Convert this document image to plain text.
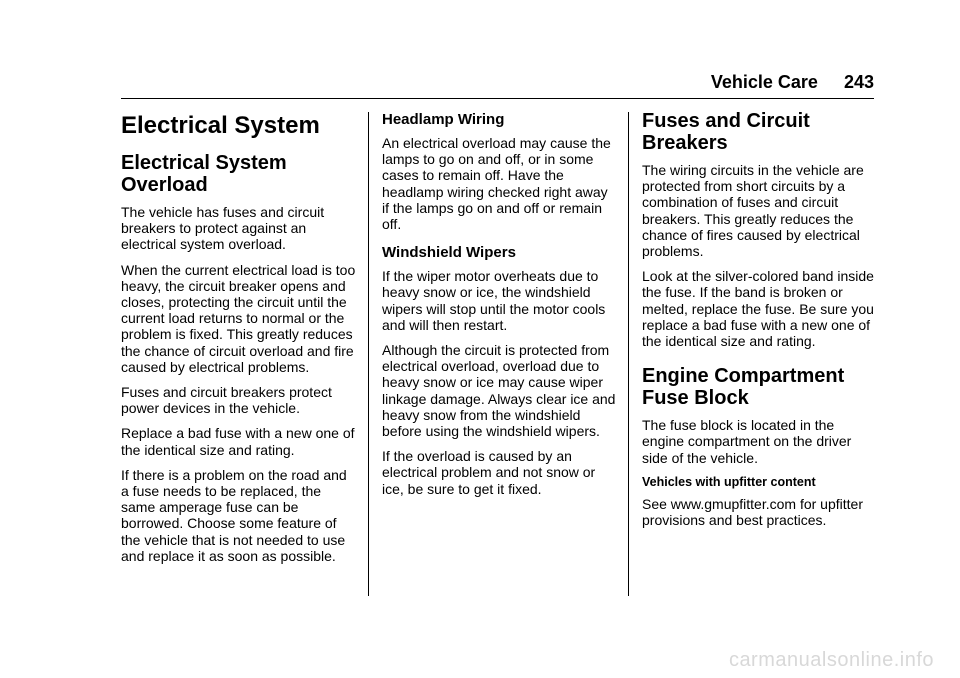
Vehicle Care 243
Electrical System
Electrical System Overload

The vehicle has fuses and circuit breakers to protect against an electrical system overload.

When the current electrical load is too heavy, the circuit breaker opens and closes, protecting the circuit until the current load returns to normal or the problem is fixed. This greatly reduces the chance of circuit overload and fire caused by electrical problems.

Fuses and circuit breakers protect power devices in the vehicle.

Replace a bad fuse with a new one of the identical size and rating.

If there is a problem on the road and a fuse needs to be replaced, the same amperage fuse can be borrowed. Choose some feature of the vehicle that is not needed to use and replace it as soon as possible.

Headlamp Wiring

An electrical overload may cause the lamps to go on and off, or in some cases to remain off. Have the headlamp wiring checked right away if the lamps go on and off or remain off.

Windshield Wipers

If the wiper motor overheats due to heavy snow or ice, the windshield wipers will stop until the motor cools and will then restart.

Although the circuit is protected from electrical overload, overload due to heavy snow or ice may cause wiper linkage damage. Always clear ice and heavy snow from the windshield before using the windshield wipers.

If the overload is caused by an electrical problem and not snow or ice, be sure to get it fixed.

Fuses and Circuit Breakers

The wiring circuits in the vehicle are protected from short circuits by a combination of fuses and circuit breakers. This greatly reduces the chance of fires caused by electrical problems.

Look at the silver-colored band inside the fuse. If the band is broken or melted, replace the fuse. Be sure you replace a bad fuse with a new one of the identical size and rating.

Engine Compartment Fuse Block

The fuse block is located in the engine compartment on the driver side of the vehicle.

Vehicles with upfitter content

See www.gmupfitter.com for upfitter provisions and best practices.

carmanualsonline.info
